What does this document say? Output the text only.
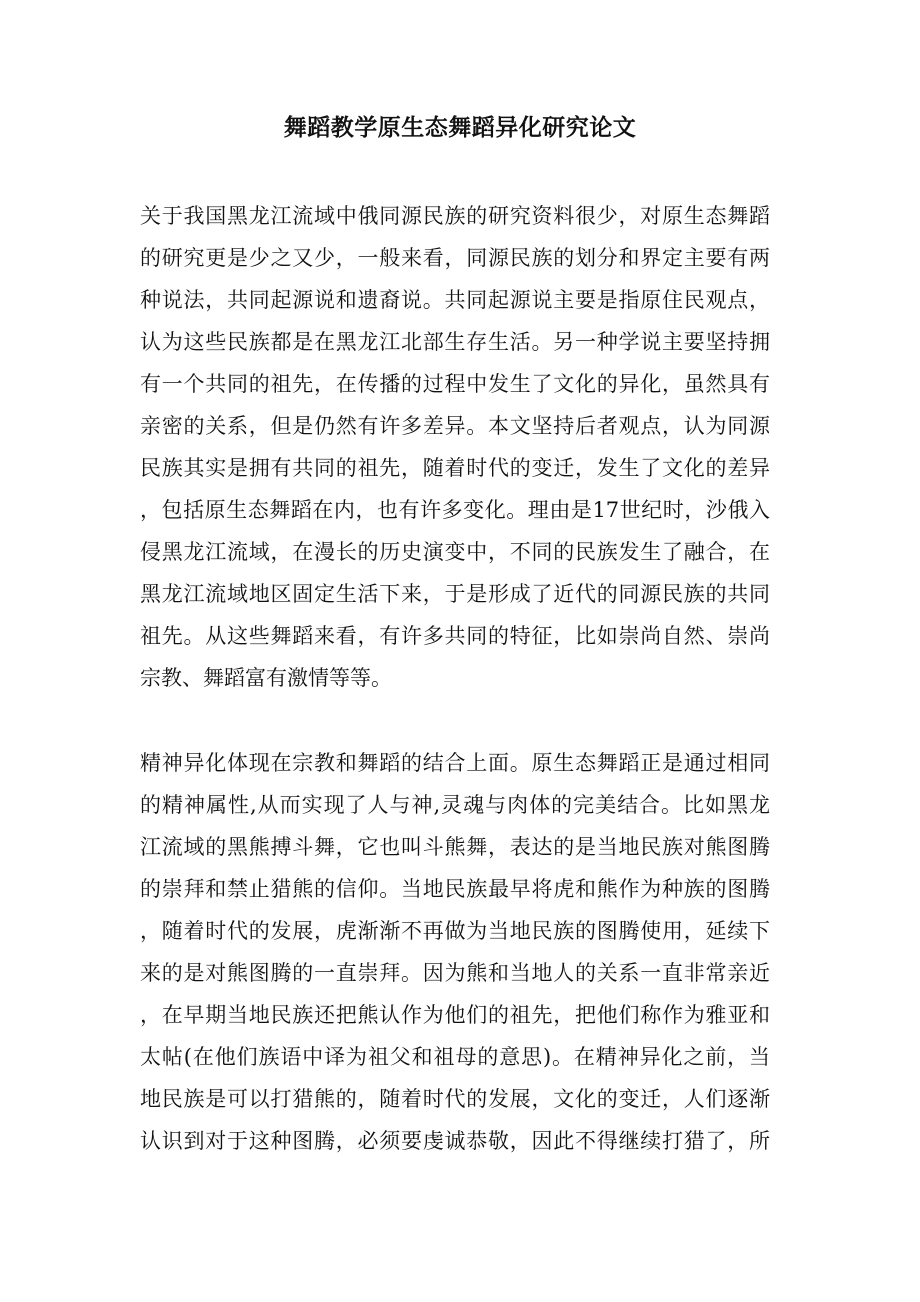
舞蹈教学原生态舞蹈异化研究论文
关于我国黑龙江流域中俄同源民族的研究资料很少，对原生态舞蹈
的研究更是少之又少，一般来看，同源民族的划分和界定主要有两
种说法，共同起源说和遗裔说。共同起源说主要是指原住民观点，
认为这些民族都是在黑龙江北部生存生活。另一种学说主要坚持拥
有一个共同的祖先，在传播的过程中发生了文化的异化，虽然具有
亲密的关系，但是仍然有许多差异。本文坚持后者观点，认为同源
民族其实是拥有共同的祖先，随着时代的变迁，发生了文化的差异
，包括原生态舞蹈在内，也有许多变化。理由是17世纪时，沙俄入
侵黑龙江流域，在漫长的历史演变中，不同的民族发生了融合，在
黑龙江流域地区固定生活下来，于是形成了近代的同源民族的共同
祖先。从这些舞蹈来看，有许多共同的特征，比如崇尚自然、崇尚
宗教、舞蹈富有激情等等。
精神异化体现在宗教和舞蹈的结合上面。原生态舞蹈正是通过相同
的精神属性,从而实现了人与神,灵魂与肉体的完美结合。比如黑龙
江流域的黑熊搏斗舞，它也叫斗熊舞，表达的是当地民族对熊图腾
的崇拜和禁止猎熊的信仰。当地民族最早将虎和熊作为种族的图腾
，随着时代的发展，虎渐渐不再做为当地民族的图腾使用，延续下
来的是对熊图腾的一直崇拜。因为熊和当地人的关系一直非常亲近
，在早期当地民族还把熊认作为他们的祖先，把他们称作为雅亚和
太帖(在他们族语中译为祖父和祖母的意思)。在精神异化之前，当
地民族是可以打猎熊的，随着时代的发展，文化的变迁，人们逐渐
认识到对于这种图腾，必须要虔诚恭敬，因此不得继续打猎了，所
